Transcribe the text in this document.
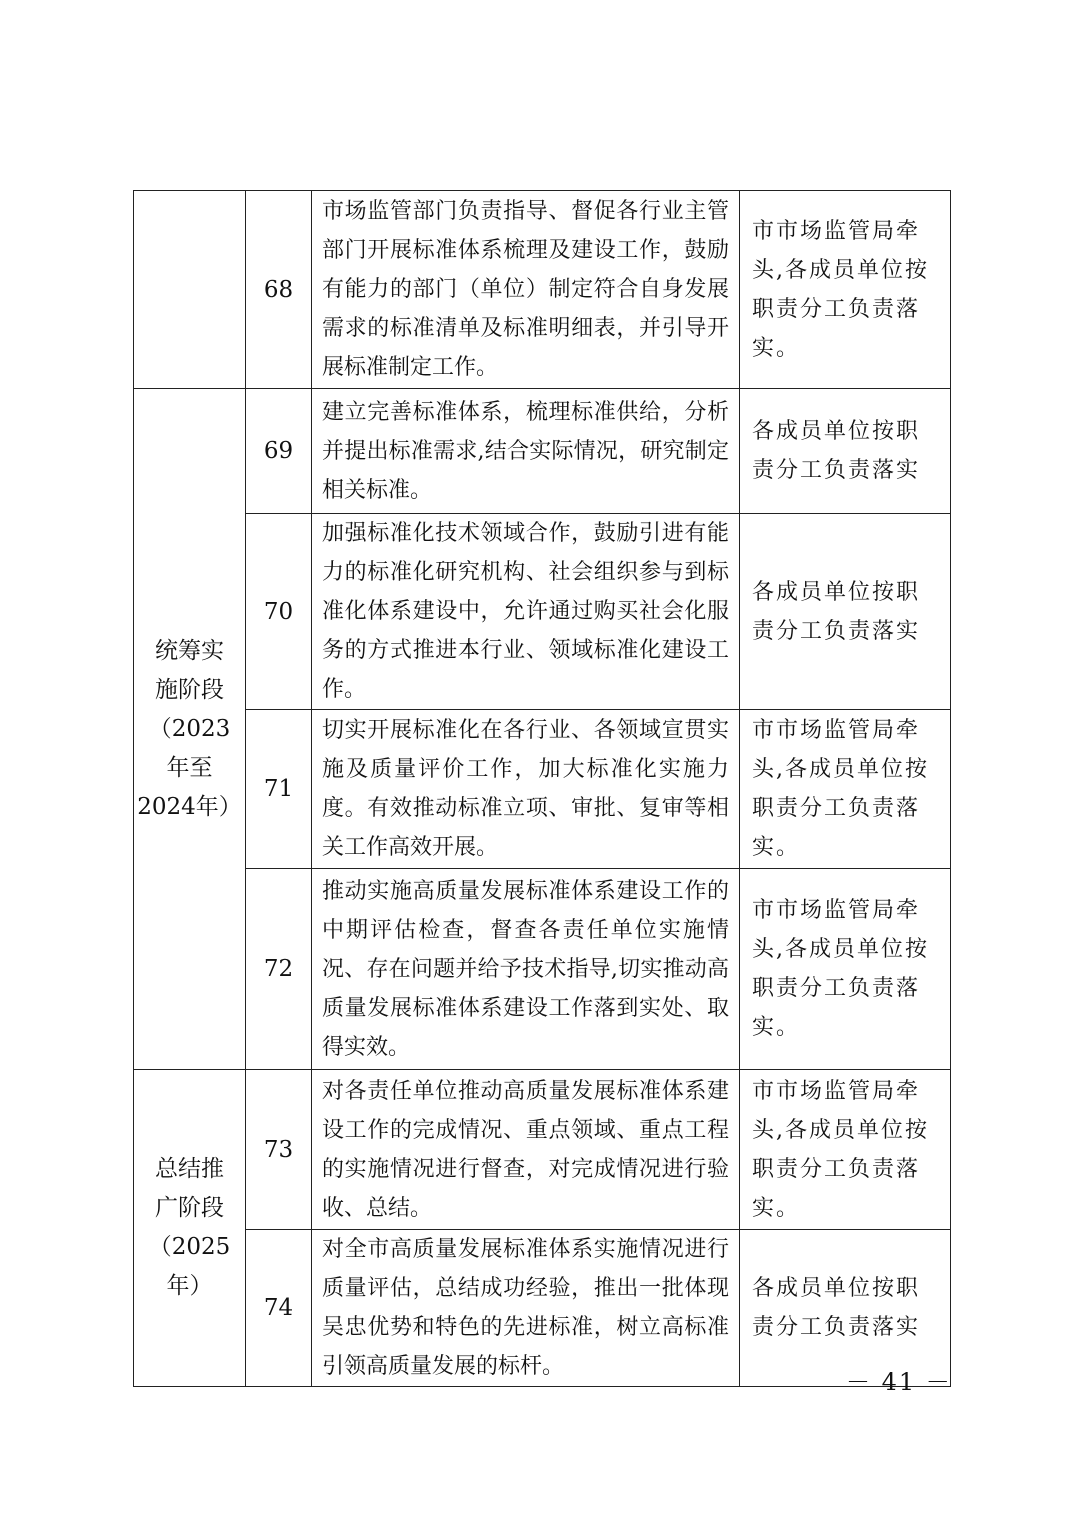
	68	市场监管部门负责指导、督促各行业主管部门开展标准体系梳理及建设工作，鼓励有能力的部门（单位）制定符合自身发展需求的标准清单及标准明细表，并引导开展标准制定工作。	市市场监管局牵头,各成员单位按职责分工负责落实。

统筹实
施阶段
（2023
年至
2024年）	69	建立完善标准体系，梳理标准供给，分析并提出标准需求,结合实际情况，研究制定相关标准。	各成员单位按职责分工负责落实
	70	加强标准化技术领域合作，鼓励引进有能力的标准化研究机构、社会组织参与到标准化体系建设中，允许通过购买社会化服务的方式推进本行业、领域标准化建设工作。	各成员单位按职责分工负责落实
	71	切实开展标准化在各行业、各领域宣贯实施及质量评价工作，加大标准化实施力度。有效推动标准立项、审批、复审等相关工作高效开展。	市市场监管局牵头,各成员单位按职责分工负责落实。
	72	推动实施高质量发展标准体系建设工作的中期评估检查，督查各责任单位实施情况、存在问题并给予技术指导,切实推动高质量发展标准体系建设工作落到实处、取得实效。	市市场监管局牵头,各成员单位按职责分工负责落实。

总结推
广阶段
（2025
年）	73	对各责任单位推动高质量发展标准体系建设工作的完成情况、重点领域、重点工程的实施情况进行督查，对完成情况进行验收、总结。	市市场监管局牵头,各成员单位按职责分工负责落实。
	74	对全市高质量发展标准体系实施情况进行质量评估，总结成功经验，推出一批体现吴忠优势和特色的先进标准，树立高标准引领高质量发展的标杆。	各成员单位按职责分工负责落实
－ 41 －
